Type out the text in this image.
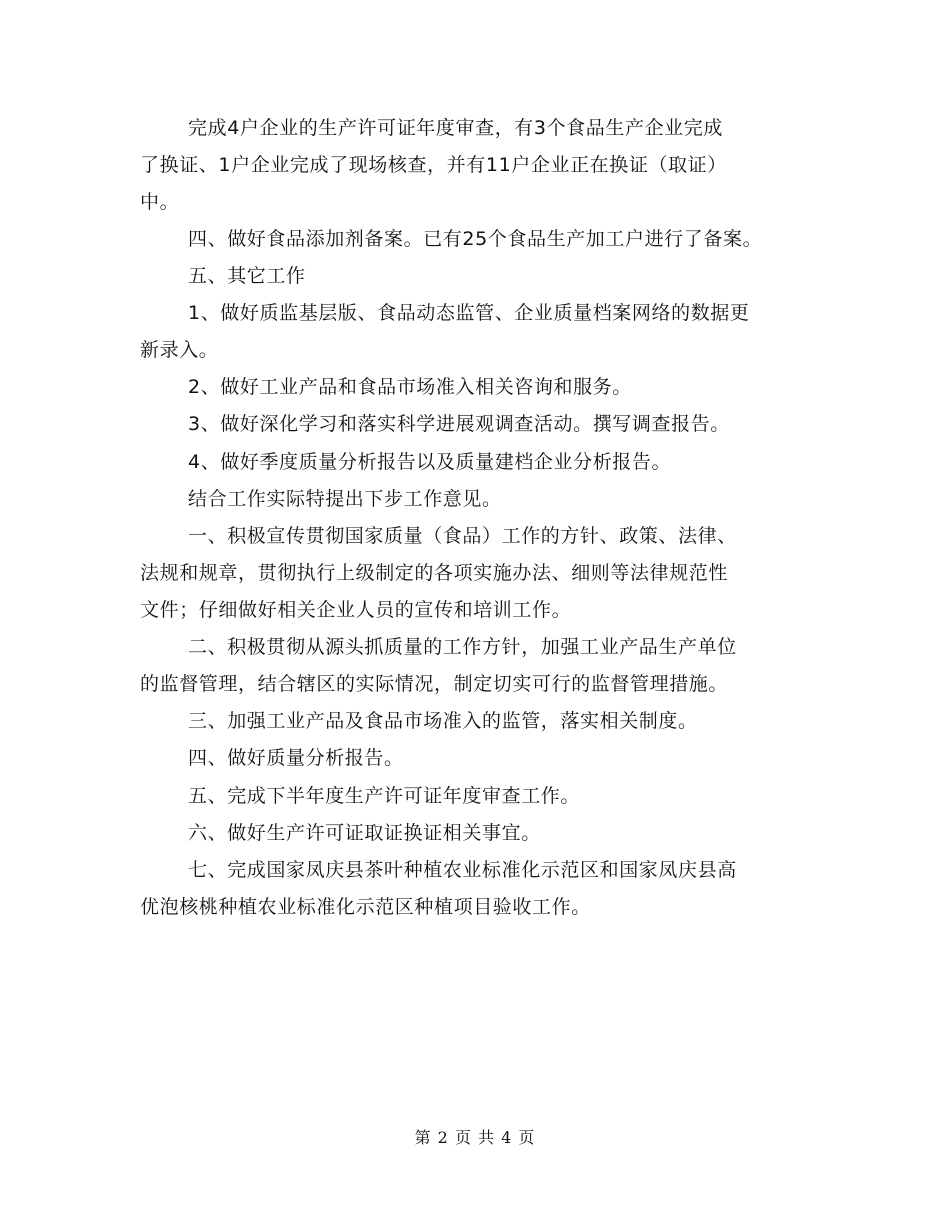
完成4户企业的生产许可证年度审查，有3个食品生产企业完成
了换证、1户企业完成了现场核查，并有11户企业正在换证（取证）
中。
四、做好食品添加剂备案。已有25个食品生产加工户进行了备案。
五、其它工作
1、做好质监基层版、食品动态监管、企业质量档案网络的数据更
新录入。
2、做好工业产品和食品市场准入相关咨询和服务。
3、做好深化学习和落实科学进展观调查活动。撰写调查报告。
4、做好季度质量分析报告以及质量建档企业分析报告。
结合工作实际特提出下步工作意见。
一、积极宣传贯彻国家质量（食品）工作的方针、政策、法律、
法规和规章，贯彻执行上级制定的各项实施办法、细则等法律规范性
文件；仔细做好相关企业人员的宣传和培训工作。
二、积极贯彻从源头抓质量的工作方针，加强工业产品生产单位
的监督管理，结合辖区的实际情况，制定切实可行的监督管理措施。
三、加强工业产品及食品市场准入的监管，落实相关制度。
四、做好质量分析报告。
五、完成下半年度生产许可证年度审查工作。
六、做好生产许可证取证换证相关事宜。
七、完成国家凤庆县茶叶种植农业标准化示范区和国家凤庆县高
优泡核桃种植农业标准化示范区种植项目验收工作。
第 2 页 共 4 页
